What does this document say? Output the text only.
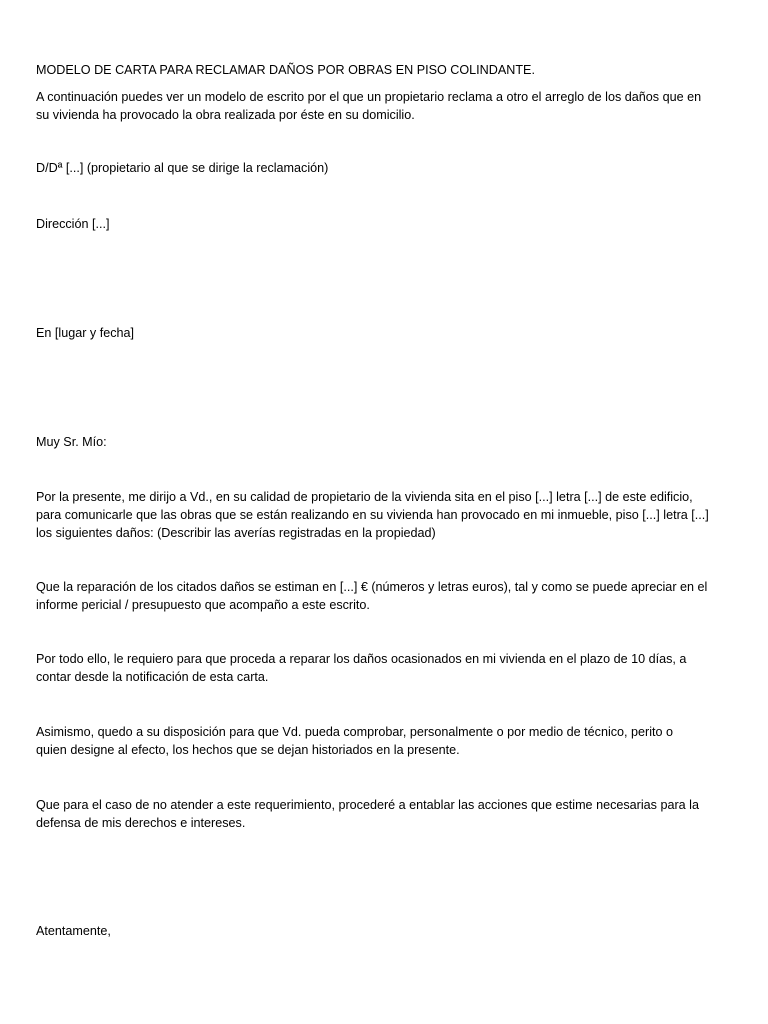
MODELO DE CARTA PARA RECLAMAR DAÑOS POR OBRAS EN PISO COLINDANTE.

A continuación puedes ver un modelo de escrito por el que un propietario reclama a otro el arreglo de los daños que en
su vivienda ha provocado la obra realizada por éste en su domicilio.

D/Dª [...] (propietario al que se dirige la reclamación)

Dirección [...]

En [lugar y fecha]

Muy Sr. Mío:

Por la presente, me dirijo a Vd., en su calidad de propietario de la vivienda sita en el piso [...] letra [...] de este edificio,
para comunicarle que las obras que se están realizando en su vivienda han provocado en mi inmueble, piso [...] letra [...]
los siguientes daños: (Describir las averías registradas en la propiedad)
Que la reparación de los citados daños se estiman en [...] € (números y letras euros), tal y como se puede apreciar en el
informe pericial / presupuesto que acompaño a este escrito.
Por todo ello, le requiero para que proceda a reparar los daños ocasionados en mi vivienda en el plazo de 10 días, a
contar desde la notificación de esta carta.
Asimismo, quedo a su disposición para que Vd. pueda comprobar, personalmente o por medio de técnico, perito o
quien designe al efecto, los hechos que se dejan historiados en la presente.
Que para el caso de no atender a este requerimiento, procederé a entablar las acciones que estime necesarias para la
defensa de mis derechos e intereses.

Atentamente,
